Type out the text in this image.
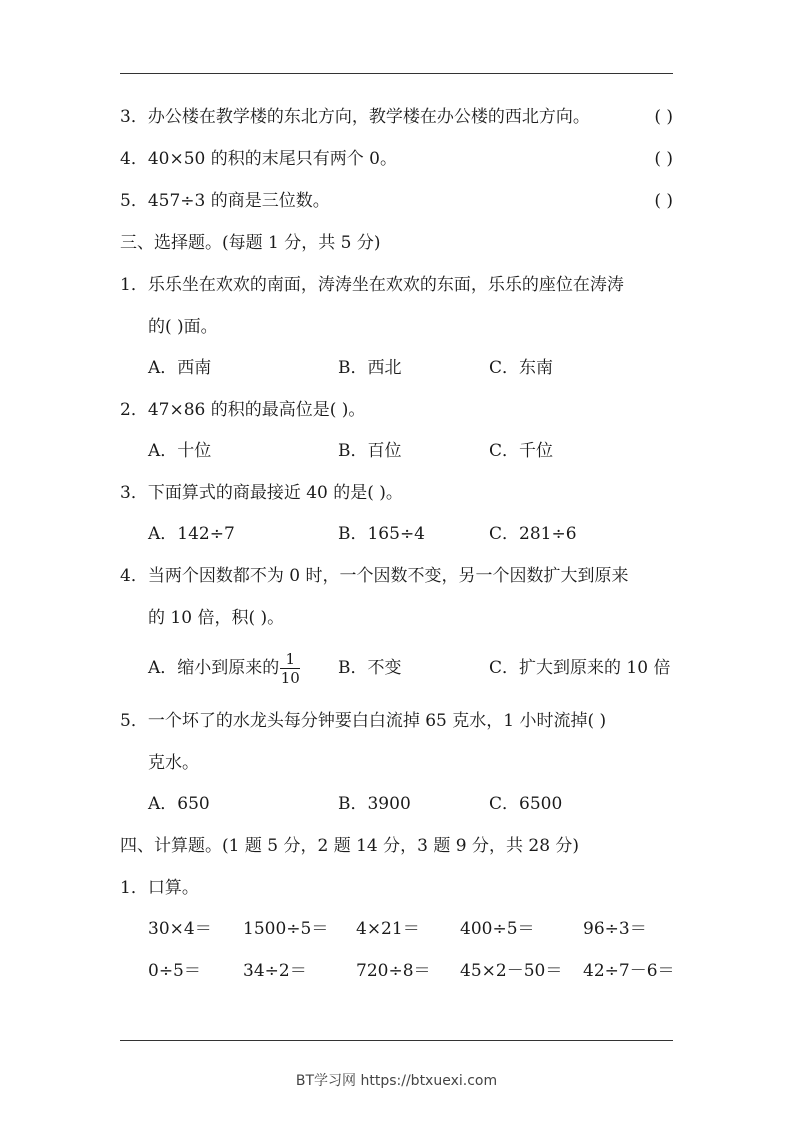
3．办公楼在教学楼的东北方向，教学楼在办公楼的西北方向。	( )
4．40×50 的积的末尾只有两个 0。	( )
5．457÷3 的商是三位数。	( )
三、选择题。(每题 1 分，共 5 分)
1．乐乐坐在欢欢的南面，涛涛坐在欢欢的东面，乐乐的座位在涛涛
的( )面。
A．西南	B．西北	C．东南
2．47×86 的积的最高位是( )。
A．十位	B．百位	C．千位
3．下面算式的商最接近 40 的是( )。
A．142÷7	B．165÷4	C．281÷6
4．当两个因数都不为 0 时，一个因数不变，另一个因数扩大到原来
的 10 倍，积( )。
A．缩小到原来的 $\frac{1}{10}$ B．不变	C．扩大到原来的 10 倍
5．一个坏了的水龙头每分钟要白白流掉 65 克水，1 小时流掉( )
克水。
A．650	B．3900	C．6500
四、计算题。(1 题 5 分，2 题 14 分，3 题 9 分，共 28 分)
1．口算。
30×4＝ 1500÷5＝ 4×21＝ 400÷5＝	96÷3＝
0÷5＝ 34÷2＝	720÷8＝ 45×2－50＝ 42÷7－6＝
BT学习网 https://btxuexi.com
